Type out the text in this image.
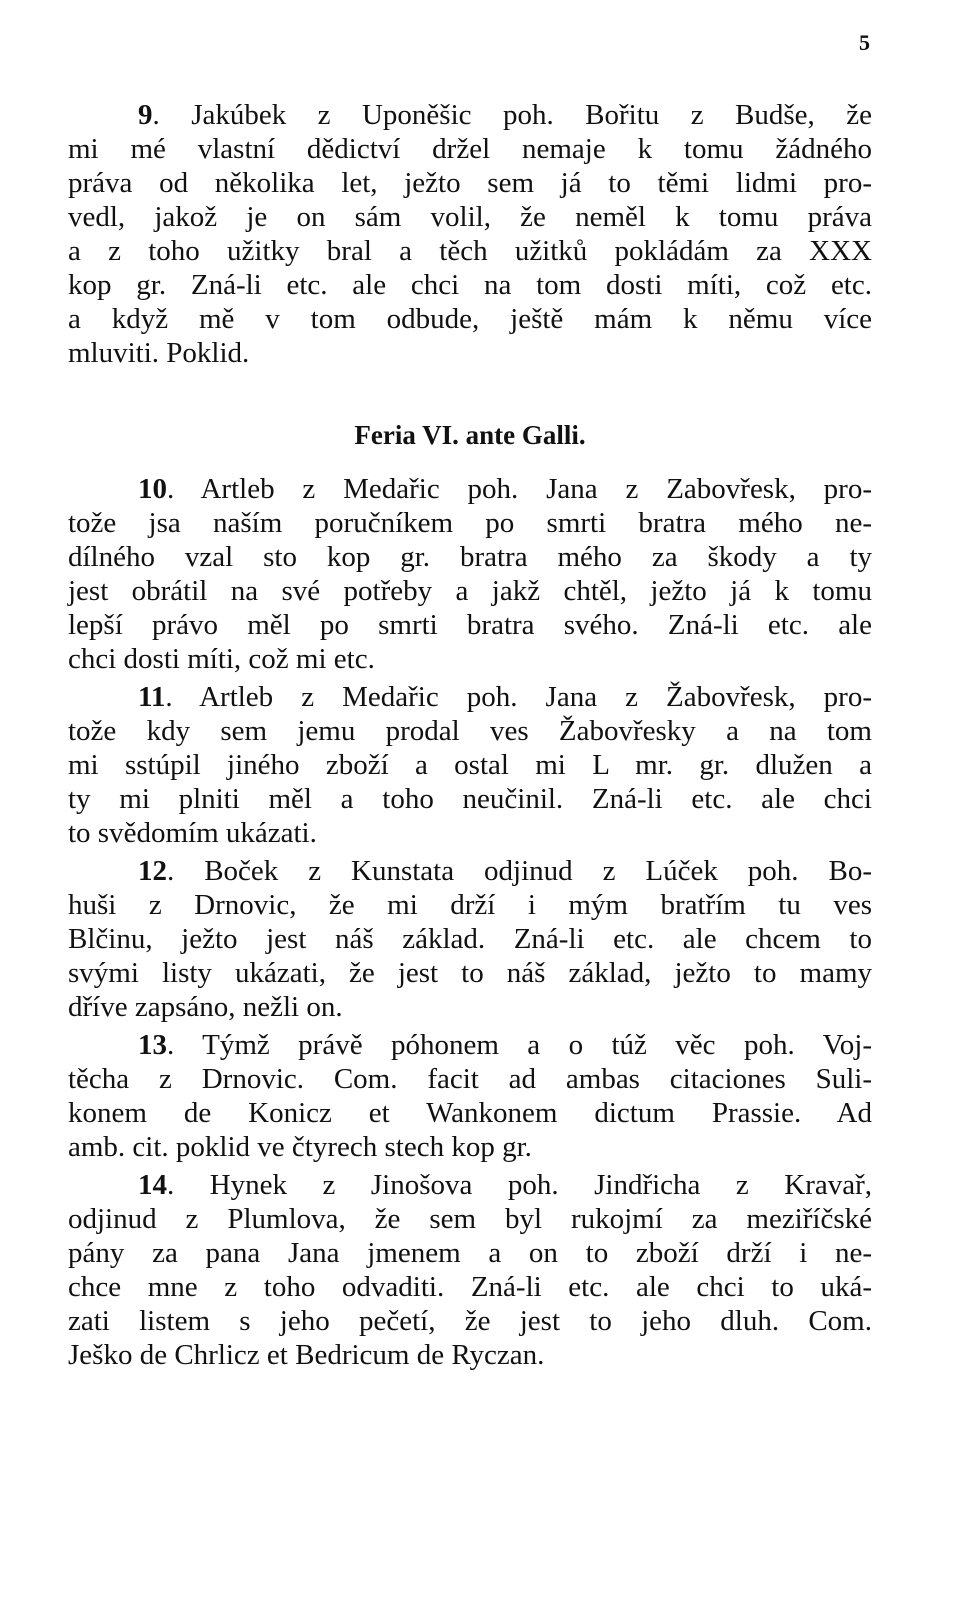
5
9. Jakúbek z Uponěšic poh. Bořitu z Budše, že
mi mé vlastní dědictví držel nemaje k tomu žádného
práva od několika let, ježto sem já to těmi lidmi pro-
vedl, jakož je on sám volil, že neměl k tomu práva
a z toho užitky bral a těch užitků pokládám za XXX
kop gr. Zná-li etc. ale chci na tom dosti míti, což etc.
a když mě v tom odbude, ještě mám k němu více
mluviti. Poklid.
Feria VI. ante Galli.
10. Artleb z Medařic poh. Jana z Zabovřesk, pro-
tože jsa naším poručníkem po smrti bratra mého ne-
dílného vzal sto kop gr. bratra mého za škody a ty
jest obrátil na své potřeby a jakž chtěl, ježto já k tomu
lepší právo měl po smrti bratra svého. Zná-li etc. ale
chci dosti míti, což mi etc.
11. Artleb z Medařic poh. Jana z Žabovřesk, pro-
tože kdy sem jemu prodal ves Žabovřesky a na tom
mi sstúpil jiného zboží a ostal mi L mr. gr. dlužen a
ty mi plniti měl a toho neučinil. Zná-li etc. ale chci
to svědomím ukázati.
12. Boček z Kunstata odjinud z Lúček poh. Bo-
huši z Drnovic, že mi drží i mým bratřím tu ves
Blčinu, ježto jest náš základ. Zná-li etc. ale chcem to
svými listy ukázati, že jest to náš základ, ježto to mamy
dříve zapsáno, nežli on.
13. Týmž právě póhonem a o túž věc poh. Voj-
těcha z Drnovic. Com. facit ad ambas citaciones Suli-
konem de Konicz et Wankonem dictum Prassie. Ad
amb. cit. poklid ve čtyrech stech kop gr.
14. Hynek z Jinošova poh. Jindřicha z Kravař,
odjinud z Plumlova, že sem byl rukojmí za meziříčské
pány za pana Jana jmenem a on to zboží drží i ne-
chce mne z toho odvaditi. Zná-li etc. ale chci to uká-
zati listem s jeho pečetí, že jest to jeho dluh. Com.
Ješko de Chrlicz et Bedricum de Ryczan.
